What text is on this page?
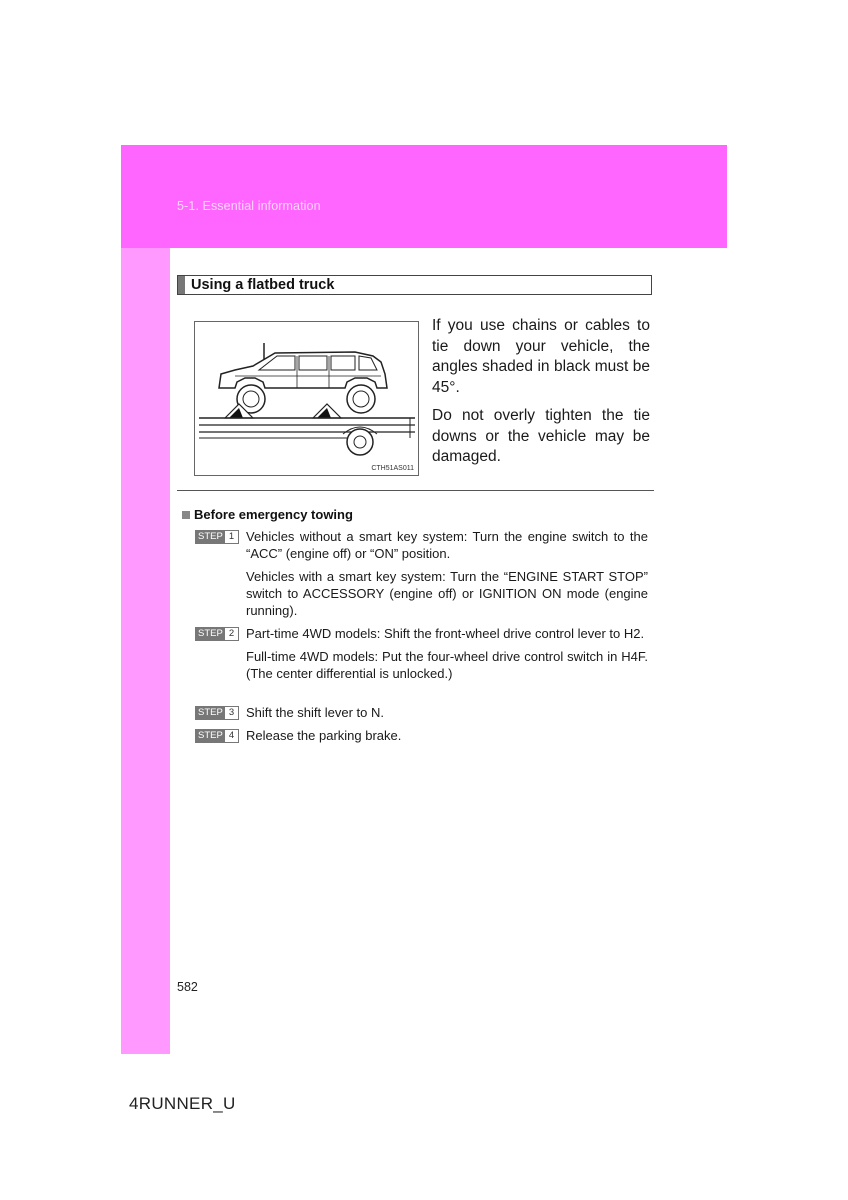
5-1. Essential information
Using a flatbed truck
CTH51AS011

If you use chains or cables to tie down your vehicle, the angles shaded in black must be 45°.

Do not overly tighten the tie downs or the vehicle may be damaged.

Before emergency towing
STEP 1 Vehicles without a smart key system: Turn the engine switch to the “ACC” (engine off) or “ON” position.

Vehicles with a smart key system: Turn the “ENGINE START STOP” switch to ACCESSORY (engine off) or IGNITION ON mode (engine running).

STEP 2 Part-time 4WD models: Shift the front-wheel drive control lever to H2.

Full-time 4WD models: Put the four-wheel drive control switch in H4F. (The center differential is unlocked.)

STEP 3 Shift the shift lever to N.

STEP 4 Release the parking brake.

582
4RUNNER_U
